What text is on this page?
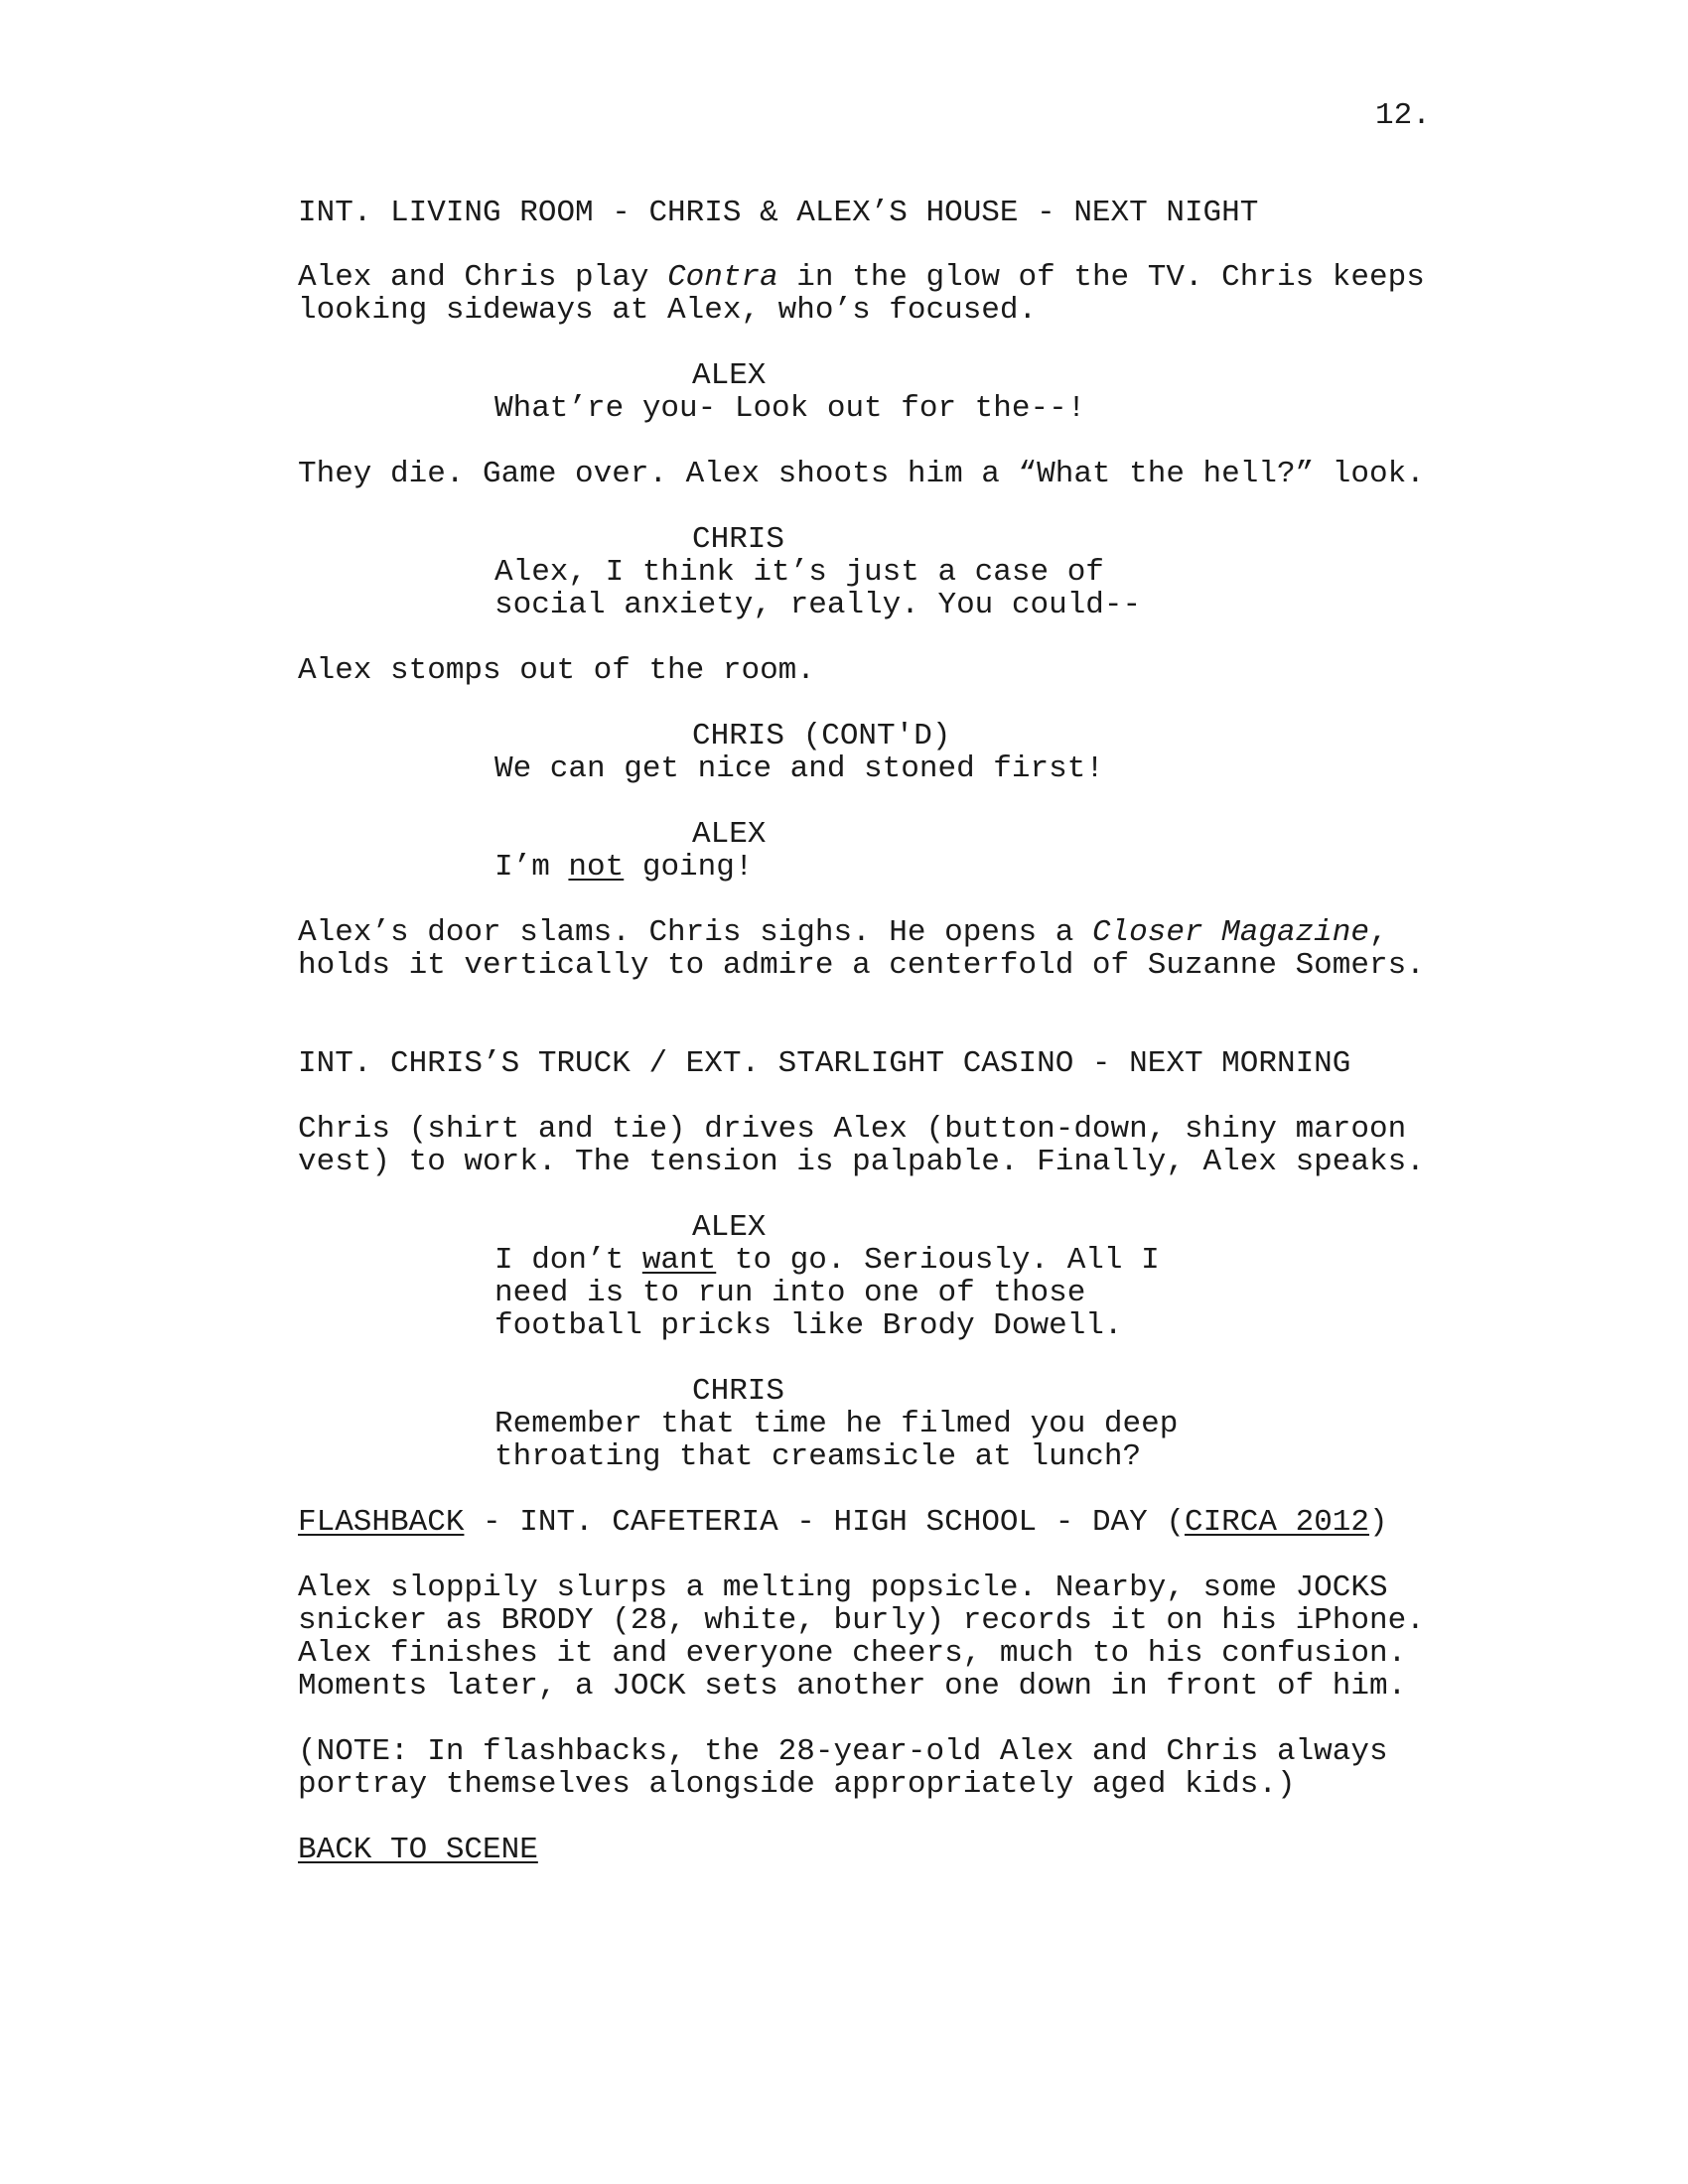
12.
INT. LIVING ROOM - CHRIS & ALEX’S HOUSE - NEXT NIGHT
Alex and Chris play Contra in the glow of the TV. Chris keeps
looking sideways at Alex, who’s focused.
ALEX
What’re you- Look out for the--!
They die. Game over. Alex shoots him a “What the hell?” look.
CHRIS
Alex, I think it’s just a case of
social anxiety, really. You could--
Alex stomps out of the room.
CHRIS (CONT'D)
We can get nice and stoned first!
ALEX
I’m not going!
Alex’s door slams. Chris sighs. He opens a Closer Magazine,
holds it vertically to admire a centerfold of Suzanne Somers.
INT. CHRIS’S TRUCK / EXT. STARLIGHT CASINO - NEXT MORNING
Chris (shirt and tie) drives Alex (button-down, shiny maroon
vest) to work. The tension is palpable. Finally, Alex speaks.
ALEX
I don’t want to go. Seriously. All I
need is to run into one of those
football pricks like Brody Dowell.
CHRIS
Remember that time he filmed you deep
throating that creamsicle at lunch?
FLASHBACK - INT. CAFETERIA - HIGH SCHOOL - DAY (CIRCA 2012)
Alex sloppily slurps a melting popsicle. Nearby, some JOCKS
snicker as BRODY (28, white, burly) records it on his iPhone.
Alex finishes it and everyone cheers, much to his confusion.
Moments later, a JOCK sets another one down in front of him.
(NOTE: In flashbacks, the 28-year-old Alex and Chris always
portray themselves alongside appropriately aged kids.)
BACK TO SCENE
